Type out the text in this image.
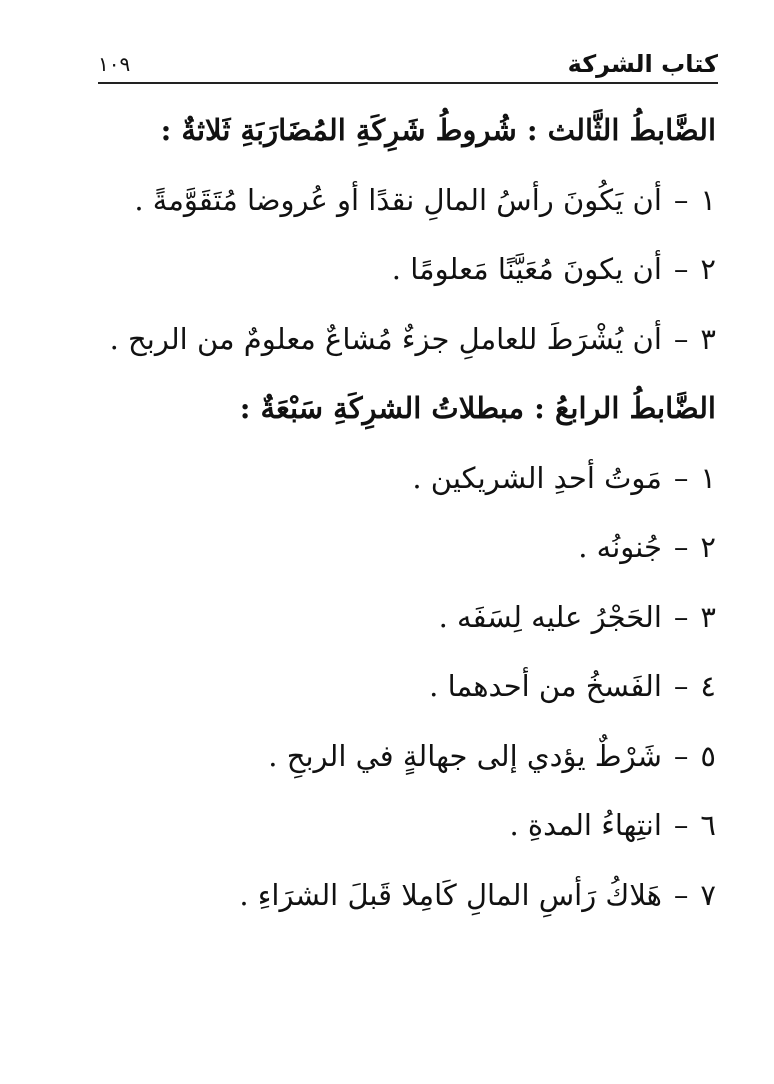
١٠٩	كتاب الشركة
الضَّابطُ الثَّالث : شُروطُ شَرِكَةِ المُضَارَبَةِ ثَلاثةٌ :
١–أن يَكُونَ رأسُ المالِ نقدًا أو عُروضا مُتَقَوَّمةً .
٢–أن يكونَ مُعَيَّنًا مَعلومًا .
٣–أن يُشْرَطَ للعاملِ جزءٌ مُشاعٌ معلومٌ من الربح .
الضَّابطُ الرابعُ : مبطلاتُ الشرِكَةِ سَبْعَةٌ :
١–مَوتُ أحدِ الشريكين .
٢–جُنونُه .
٣–الحَجْرُ عليه لِسَفَه .
٤–الفَسخُ من أحدهما .
٥–شَرْطٌ يؤدي إلى جهالةٍ في الربحِ .
٦–انتِهاءُ المدةِ .
٧–هَلاكُ رَأسِ المالِ كَامِلا قَبلَ الشرَاءِ .
